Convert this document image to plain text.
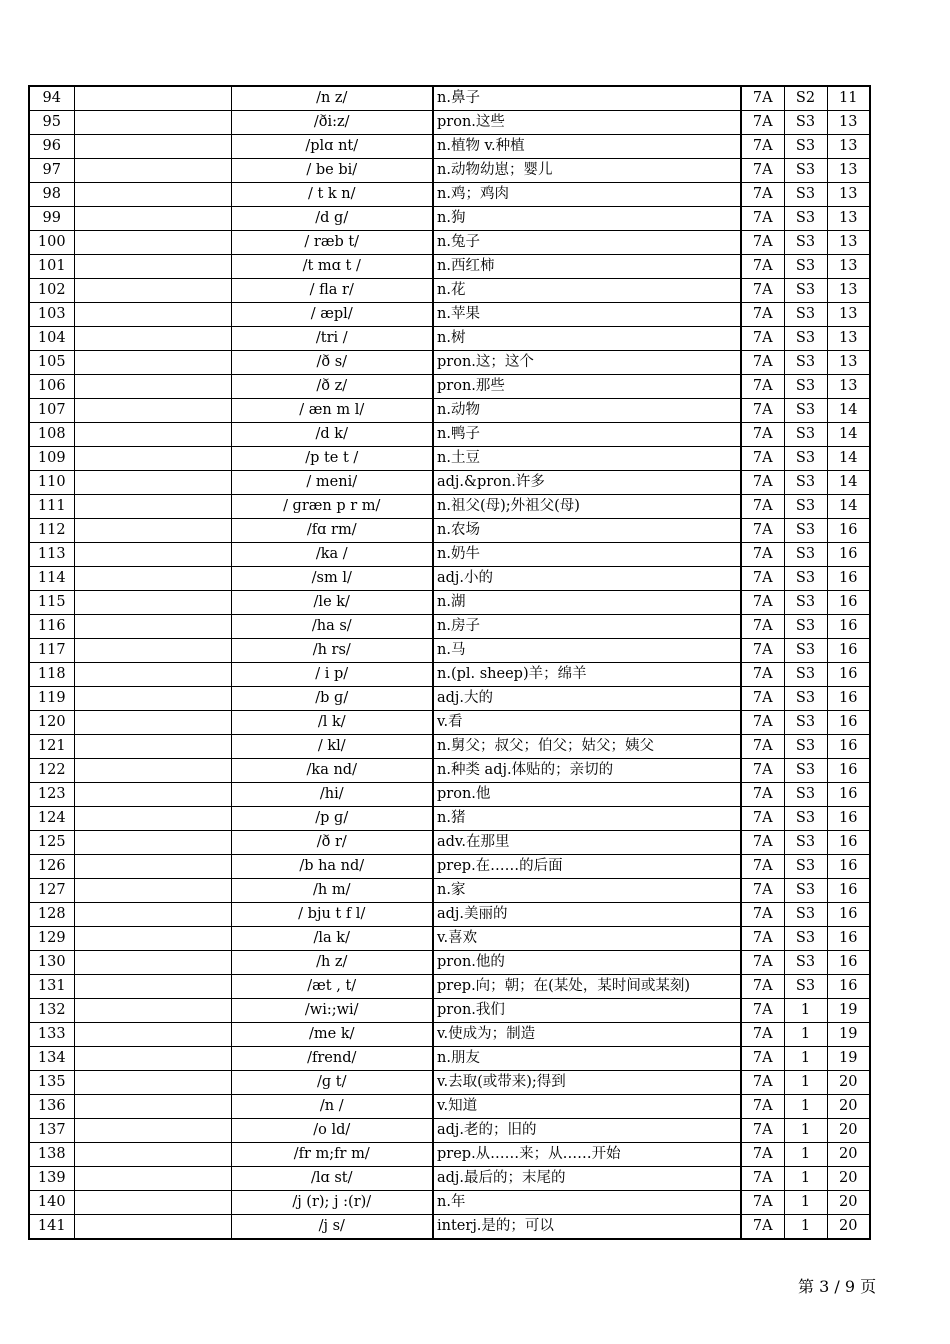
94		/n z/	n.鼻子	7A	S2	11
95		/ði:z/	pron.这些	7A	S3	13
96		/plɑ nt/	n.植物 v.种植	7A	S3	13
97		/ be bi/	n.动物幼崽；婴儿	7A	S3	13
98		/ t k n/	n.鸡；鸡肉	7A	S3	13
99		/d g/	n.狗	7A	S3	13
100		/ ræb t/	n.兔子	7A	S3	13
101		/t mɑ t /	n.西红柿	7A	S3	13
102		/ fla r/	n.花	7A	S3	13
103		/ æpl/	n.苹果	7A	S3	13
104		/tri /	n.树	7A	S3	13
105		/ð s/	pron.这；这个	7A	S3	13
106		/ð z/	pron.那些	7A	S3	13
107		/ æn m l/	n.动物	7A	S3	14
108		/d k/	n.鸭子	7A	S3	14
109		/p te t /	n.土豆	7A	S3	14
110		/ meni/	adj.&pron.许多	7A	S3	14
111		/ ɡræn p r m/	n.祖父(母);外祖父(母)	7A	S3	14
112		/fɑ rm/	n.农场	7A	S3	16
113		/ka /	n.奶牛	7A	S3	16
114		/sm l/	adj.小的	7A	S3	16
115		/le k/	n.湖	7A	S3	16
116		/ha s/	n.房子	7A	S3	16
117		/h rs/	n.马	7A	S3	16
118		/ i p/	n.(pl. sheep)羊；绵羊	7A	S3	16
119		/b ɡ/	adj.大的	7A	S3	16
120		/l k/	v.看	7A	S3	16
121		/ kl/	n.舅父；叔父；伯父；姑父；姨父	7A	S3	16
122		/ka nd/	n.种类 adj.体贴的；亲切的	7A	S3	16
123		/hi/	pron.他	7A	S3	16
124		/p ɡ/	n.猪	7A	S3	16
125		/ð r/	adv.在那里	7A	S3	16
126		/b ha nd/	prep.在……的后面	7A	S3	16
127		/h m/	n.家	7A	S3	16
128		/ bju t f l/	adj.美丽的	7A	S3	16
129		/la k/	v.喜欢	7A	S3	16
130		/h z/	pron.他的	7A	S3	16
131		/æt , t/	prep.向；朝；在(某处，某时间或某刻)	7A	S3	16
132		/wi:;wi/	pron.我们	7A	1	19
133		/me k/	v.使成为；制造	7A	1	19
134		/frend/	n.朋友	7A	1	19
135		/ɡ t/	v.去取(或带来);得到	7A	1	20
136		/n /	v.知道	7A	1	20
137		/o ld/	adj.老的；旧的	7A	1	20
138		/fr m;fr m/	prep.从……来；从……开始	7A	1	20
139		/lɑ st/	adj.最后的；末尾的	7A	1	20
140		/j (r); j :(r)/	n.年	7A	1	20
141		/j s/	interj.是的；可以	7A	1	20
第 3 / 9 页
